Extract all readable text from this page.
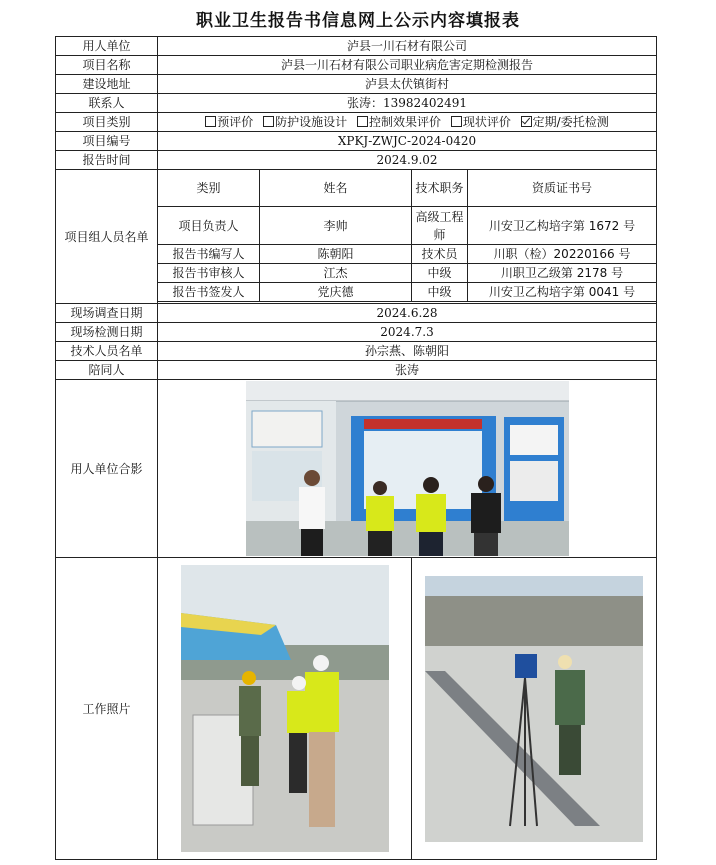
职业卫生报告书信息网上公示内容填报表
用人单位	泸县一川石材有限公司			
项目名称	泸县一川石材有限公司职业病危害定期检测报告			
建设地址	泸县太伏镇街村			
联系人	张涛：13982402491			
项目类别	预评价 防护设施设计 控制效果评价 现状评价 定期/委托检测			
项目编号	XPKJ-ZWJC-2024-0420			
报告时间	2024.9.02			
项目组人员名单	类别	姓名	技术职务	资质证书号
	项目负责人	李帅	高级工程师	川安卫乙构培字第 1672 号
	报告书编写人	陈朝阳	技术员	川职（检）20220166 号
	报告书审核人	江杰	中级	川职卫乙级第 2178 号
	报告书签发人	党庆德	中级	川安卫乙构培字第 0041 号

现场调查日期	2024.6.28			
现场检测日期	2024.7.3			
技术人员名单	孙宗燕、陈朝阳			
陪同人	张涛			
用人单位合影	

工作照片	
